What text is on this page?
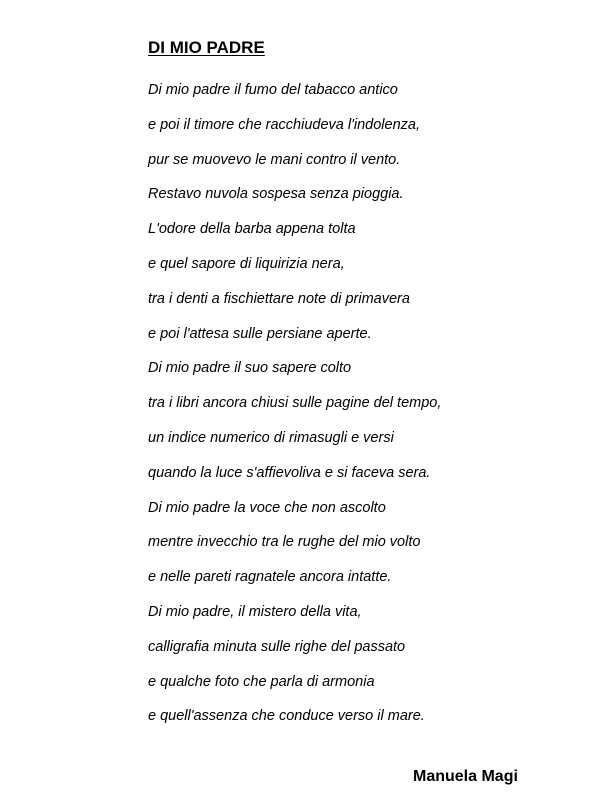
DI MIO PADRE
Di mio padre il fumo del tabacco antico
e poi il timore che racchiudeva l'indolenza,
pur se muovevo le mani contro il vento.
Restavo nuvola sospesa senza pioggia.
L'odore della barba appena tolta
e quel sapore di liquirizia nera,
tra i denti a fischiettare note di primavera
e poi l'attesa sulle persiane aperte.
Di mio padre il suo sapere colto
tra i libri ancora chiusi sulle pagine del tempo,
un indice numerico di rimasugli e versi
quando la luce s'affievoliva e si faceva sera.
Di mio padre la voce che non ascolto
mentre invecchio tra le rughe del mio volto
e nelle pareti ragnatele ancora intatte.
Di mio padre, il mistero della vita,
calligrafia minuta sulle righe del passato
e qualche foto che parla di armonia
e quell'assenza che conduce verso il mare.

Manuela Magi
